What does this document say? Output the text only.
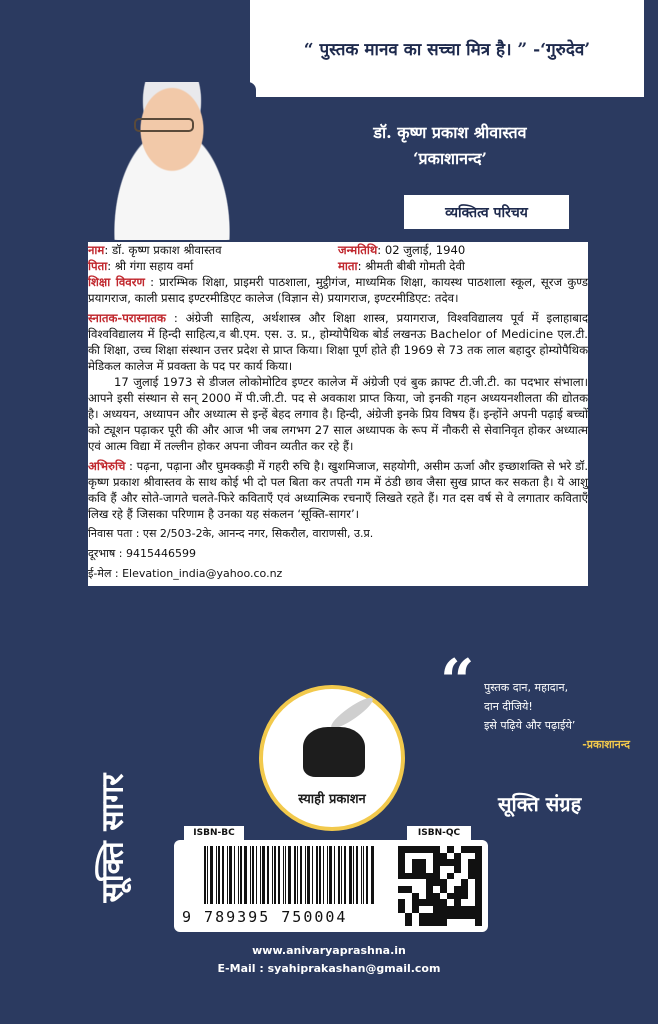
“ पुस्तक मानव का सच्चा मित्र है। ” -‘गुरुदेव’
डॉ. कृष्ण प्रकाश श्रीवास्तव
‘प्रकाशानन्द’
व्यक्तित्व परिचय
नाम: डॉ. कृष्ण प्रकाश श्रीवास्तव	जन्मतिथि: 02 जुलाई, 1940
पिता: श्री गंगा सहाय वर्मा	माता: श्रीमती बीबी गोमती देवी

शिक्षा विवरण : प्रारम्भिक शिक्षा, प्राइमरी पाठशाला, मुट्ठीगंज, माध्यमिक शिक्षा, कायस्थ पाठशाला स्कूल, सूरज कुण्ड प्रयागराज, काली प्रसाद इण्टरमीडिएट कालेज (विज्ञान से) प्रयागराज, इण्टरमीडिएट: तदेव।

स्नातक-परास्नातक : अंग्रेजी साहित्य, अर्थशास्त्र और शिक्षा शास्त्र, प्रयागराज, विश्वविद्यालय पूर्व में इलाहाबाद विश्वविद्यालय में हिन्दी साहित्य,व बी.एम. एस. उ. प्र., होम्योपैथिक बोर्ड लखनऊ Bachelor of Medicine एल.टी. की शिक्षा, उच्च शिक्षा संस्थान उत्तर प्रदेश से प्राप्त किया। शिक्षा पूर्ण होते ही 1969 से 73 तक लाल बहादुर होम्योपैथिक मेडिकल कालेज में प्रवक्ता के पद पर कार्य किया।

17 जुलाई 1973 से डीजल लोकोमोटिव इण्टर कालेज में अंग्रेजी एवं बुक क्राफ्ट टी.जी.टी. का पदभार संभाला। आपने इसी संस्थान से सन् 2000 में पी.जी.टी. पद से अवकाश प्राप्त किया, जो इनकी गहन अध्ययनशीलता की द्योतक है। अध्ययन, अध्यापन और अध्यात्म से इन्हें बेहद लगाव है। हिन्दी, अंग्रेजी इनके प्रिय विषय हैं। इन्होंने अपनी पढ़ाई बच्चों को ट्यूशन पढ़ाकर पूरी की और आज भी जब लगभग 27 साल अध्यापक के रूप में नौकरी से सेवानिवृत होकर अध्यात्म एवं आत्म विद्या में तल्लीन होकर अपना जीवन व्यतीत कर रहे हैं।

अभिरुचि : पढ़ना, पढ़ाना और घुमक्कड़ी में गहरी रुचि है। खुशमिजाज, सहयोगी, असीम ऊर्जा और इच्छाशक्ति से भरे डॉ. कृष्ण प्रकाश श्रीवास्तव के साथ कोई भी दो पल बिता कर तपती गम में ठंडी छाव जैसा सुख प्राप्त कर सकता है। ये आशु कवि हैं और सोते-जागते चलते-फिरे कविताएँ एवं अध्यात्मिक रचनाएँ लिखते रहते हैं। गत दस वर्ष से वे लगातार कविताएँ लिख रहे हैं जिसका परिणाम है उनका यह संकलन ‘सूक्ति-सागर’।

निवास पता : एस 2/503-2के, आनन्द नगर, सिकरौल, वाराणसी, उ.प्र.
दूरभाष : 9415446599
ई-मेल : Elevation_india@yahoo.co.nz
“ पुस्तक दान, महादान,
दान दीजिये!
इसे पढ़िये और पढ़ाईये’
-प्रकाशानन्द
स्याही प्रकाशन	सूक्ति संग्रह
सूक्ति सागर	ISBN-BC	ISBN-QC
9 789395 750004
www.anivaryaprashna.in
E-Mail : syahiprakashan@gmail.com
